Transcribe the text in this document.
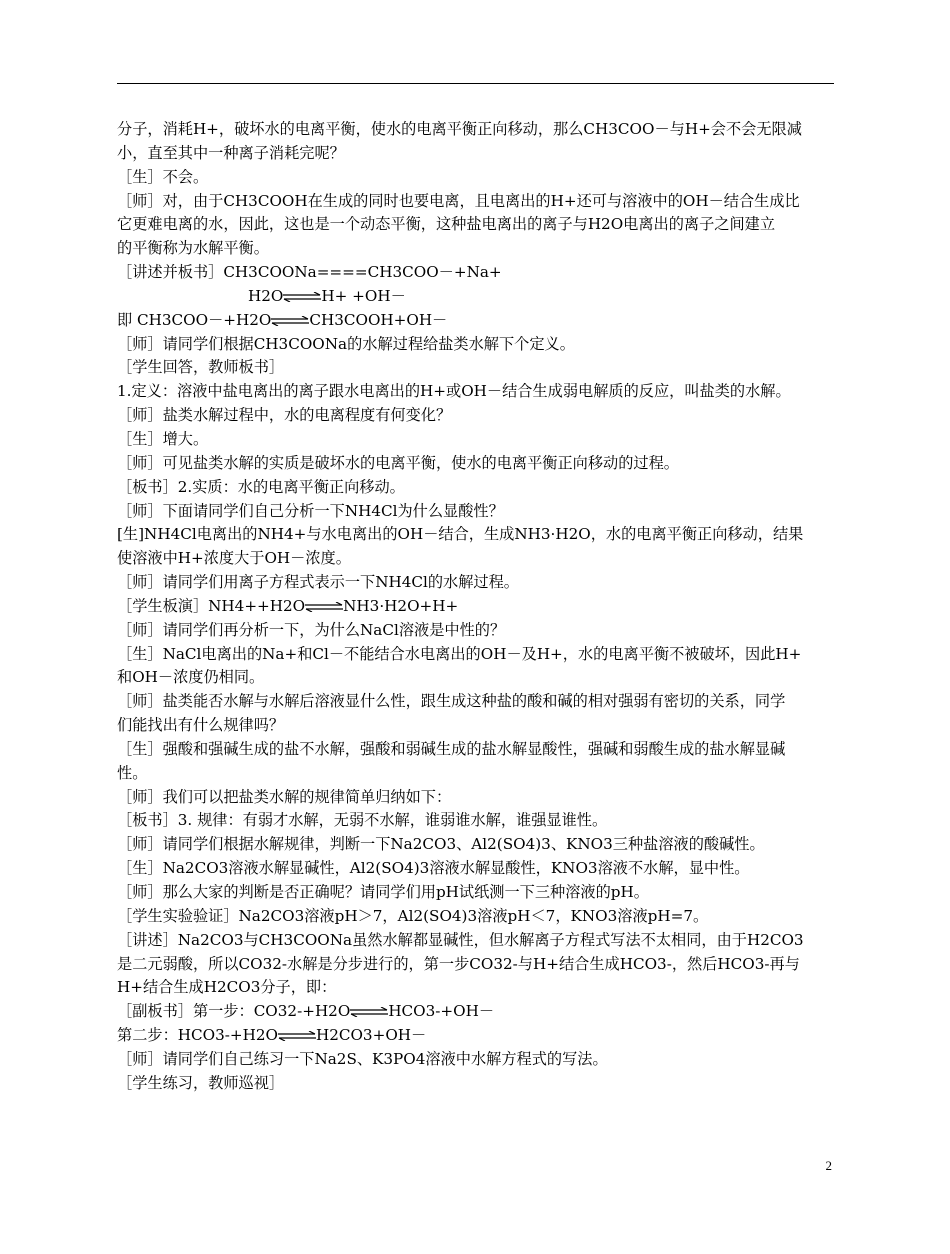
分子，消耗H+，破坏水的电离平衡，使水的电离平衡正向移动，那么CH3COO－与H+会不会无限减
小，直至其中一种离子消耗完呢？
［生］不会。
［师］对，由于CH3COOH在生成的同时也要电离，且电离出的H+还可与溶液中的OH－结合生成比
它更难电离的水，因此，这也是一个动态平衡，这种盐电离出的离子与H2O电离出的离子之间建立
的平衡称为水解平衡。
［讲述并板书］CH3COONa====CH3COO－+Na+
H2O⇌H+ +OH－
即 CH3COO－+H2O⇌CH3COOH+OH－
［师］请同学们根据CH3COONa的水解过程给盐类水解下个定义。
［学生回答，教师板书］
1.定义：溶液中盐电离出的离子跟水电离出的H+或OH－结合生成弱电解质的反应，叫盐类的水解。
［师］盐类水解过程中，水的电离程度有何变化？
［生］增大。
［师］可见盐类水解的实质是破坏水的电离平衡，使水的电离平衡正向移动的过程。
［板书］2.实质：水的电离平衡正向移动。
［师］下面请同学们自己分析一下NH4Cl为什么显酸性？
[生]NH4Cl电离出的NH4+与水电离出的OH－结合，生成NH3·H2O，水的电离平衡正向移动，结果
使溶液中H+浓度大于OH－浓度。
［师］请同学们用离子方程式表示一下NH4Cl的水解过程。
［学生板演］NH4++H2O⇌NH3·H2O+H+
［师］请同学们再分析一下，为什么NaCl溶液是中性的？
［生］NaCl电离出的Na+和Cl－不能结合水电离出的OH－及H+，水的电离平衡不被破坏，因此H+
和OH－浓度仍相同。
［师］盐类能否水解与水解后溶液显什么性，跟生成这种盐的酸和碱的相对强弱有密切的关系，同学
们能找出有什么规律吗？
［生］强酸和强碱生成的盐不水解，强酸和弱碱生成的盐水解显酸性，强碱和弱酸生成的盐水解显碱
性。
［师］我们可以把盐类水解的规律简单归纳如下：
［板书］3. 规律：有弱才水解，无弱不水解，谁弱谁水解，谁强显谁性。
［师］请同学们根据水解规律，判断一下Na2CO3、Al2(SO4)3、KNO3三种盐溶液的酸碱性。
［生］Na2CO3溶液水解显碱性，Al2(SO4)3溶液水解显酸性，KNO3溶液不水解，显中性。
［师］那么大家的判断是否正确呢？请同学们用pH试纸测一下三种溶液的pH。
［学生实验验证］Na2CO3溶液pH＞7，Al2(SO4)3溶液pH＜7，KNO3溶液pH=7。
［讲述］Na2CO3与CH3COONa虽然水解都显碱性，但水解离子方程式写法不太相同，由于H2CO3
是二元弱酸，所以CO32-水解是分步进行的，第一步CO32-与H+结合生成HCO3-，然后HCO3-再与
H+结合生成H2CO3分子，即：
［副板书］第一步：CO32-+H2O⇌HCO3-+OH－
第二步：HCO3-+H2O⇌H2CO3+OH－
［师］请同学们自己练习一下Na2S、K3PO4溶液中水解方程式的写法。
［学生练习，教师巡视］
2
